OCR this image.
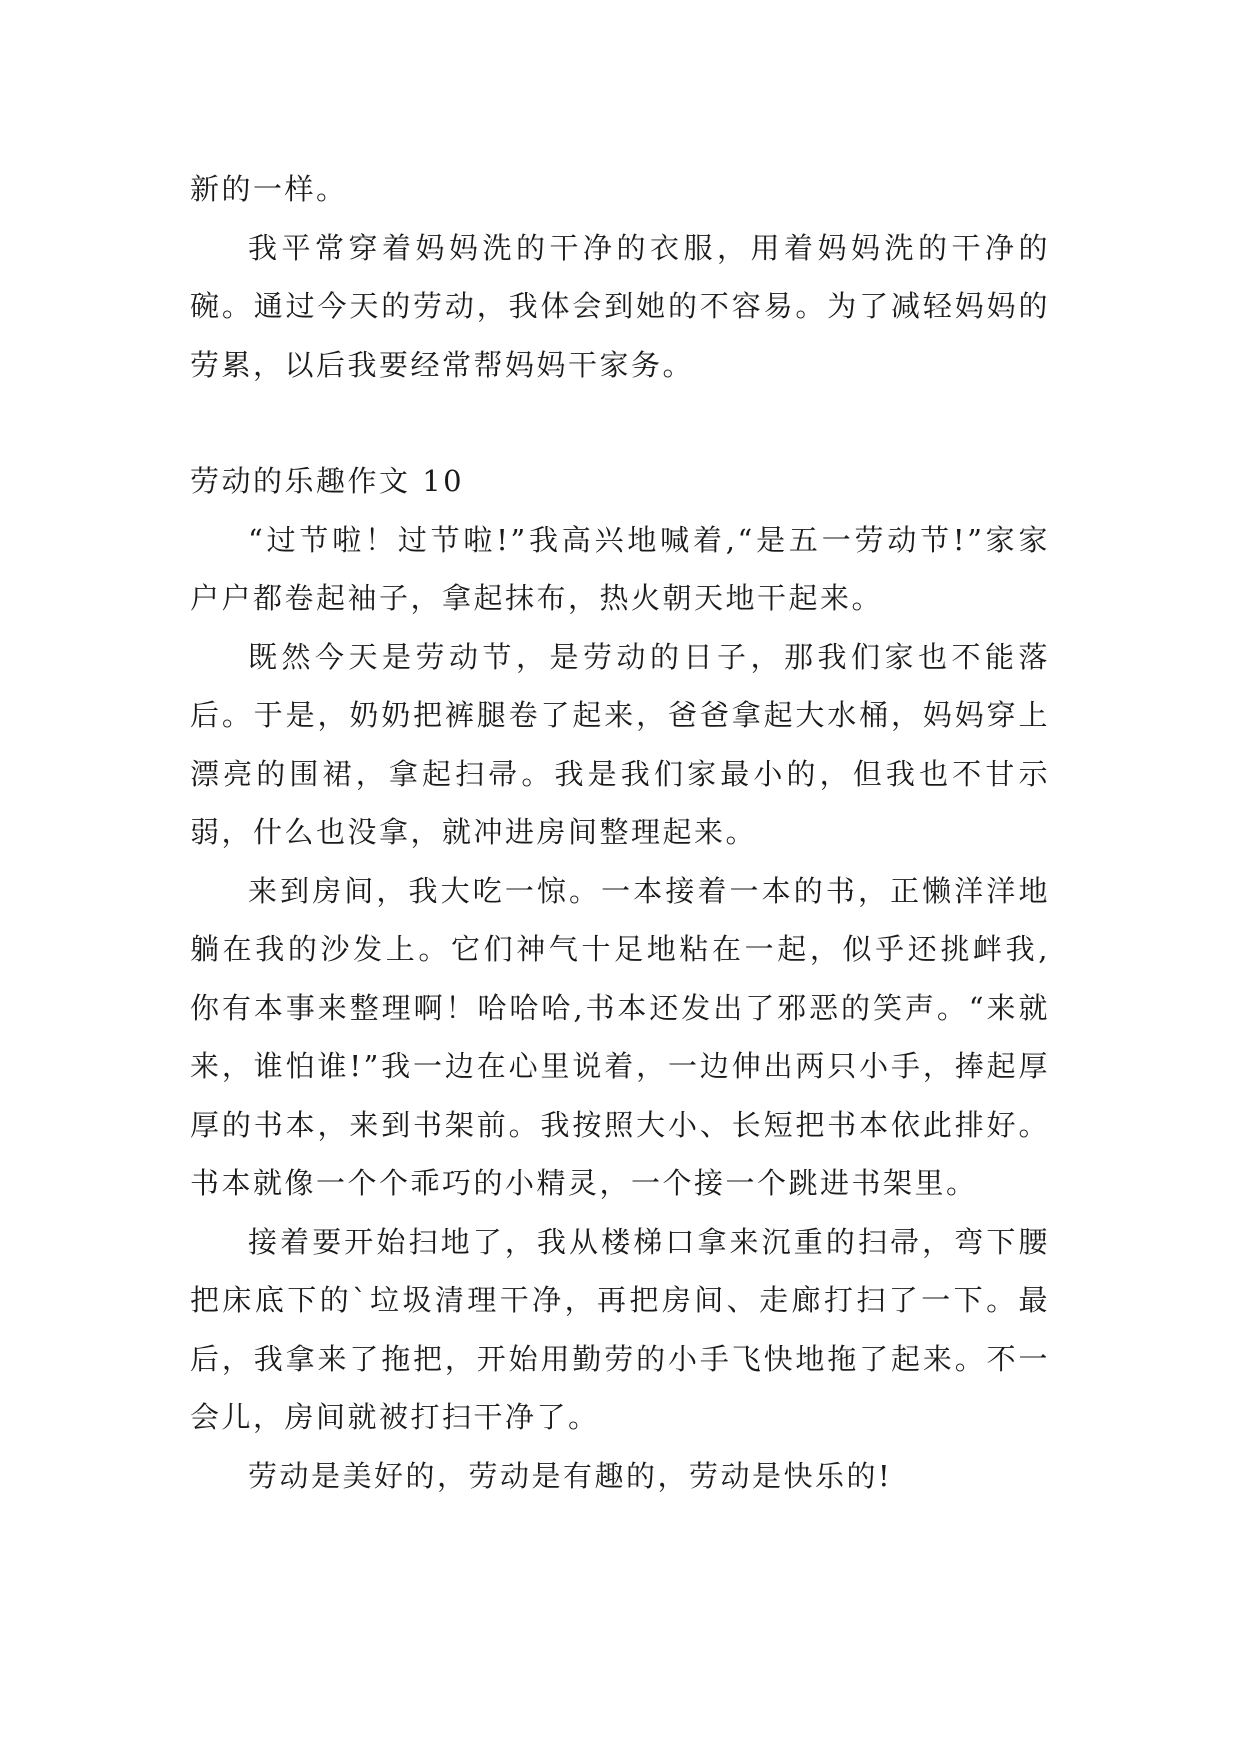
新的一样。

我平常穿着妈妈洗的干净的衣服，用着妈妈洗的干净的碗。通过今天的劳动，我体会到她的不容易。为了减轻妈妈的劳累，以后我要经常帮妈妈干家务。

劳动的乐趣作文 10

“过节啦！过节啦!”我高兴地喊着,“是五一劳动节!”家家户户都卷起袖子，拿起抹布，热火朝天地干起来。

既然今天是劳动节，是劳动的日子，那我们家也不能落后。于是，奶奶把裤腿卷了起来，爸爸拿起大水桶，妈妈穿上漂亮的围裙，拿起扫帚。我是我们家最小的，但我也不甘示弱，什么也没拿，就冲进房间整理起来。

来到房间，我大吃一惊。一本接着一本的书，正懒洋洋地躺在我的沙发上。它们神气十足地粘在一起，似乎还挑衅我,你有本事来整理啊！哈哈哈,书本还发出了邪恶的笑声。“来就来，谁怕谁!”我一边在心里说着，一边伸出两只小手，捧起厚厚的书本，来到书架前。我按照大小、长短把书本依此排好。书本就像一个个乖巧的小精灵，一个接一个跳进书架里。

接着要开始扫地了，我从楼梯口拿来沉重的扫帚，弯下腰把床底下的`垃圾清理干净，再把房间、走廊打扫了一下。最后，我拿来了拖把，开始用勤劳的小手飞快地拖了起来。不一会儿，房间就被打扫干净了。

劳动是美好的，劳动是有趣的，劳动是快乐的!
